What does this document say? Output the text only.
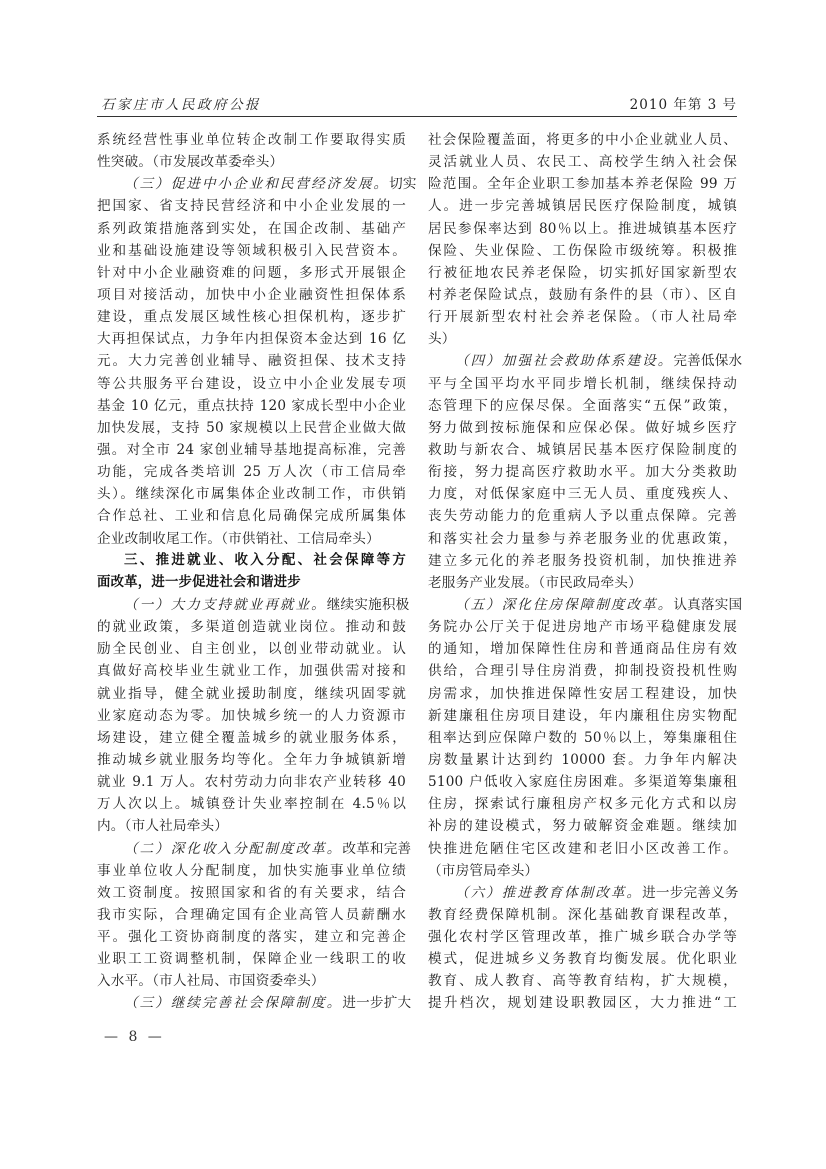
石家庄市人民政府公报	2010 年第 3 号
系统经营性事业单位转企改制工作要取得实质
性突破。（市发展改革委牵头）
（三）促进中小企业和民营经济发展。切实
把国家、省支持民营经济和中小企业发展的一
系列政策措施落到实处，在国企改制、基础产
业和基础设施建设等领域积极引入民营资本。
针对中小企业融资难的问题，多形式开展银企
项目对接活动，加快中小企业融资性担保体系
建设，重点发展区域性核心担保机构，逐步扩
大再担保试点，力争年内担保资本金达到 16 亿
元。大力完善创业辅导、融资担保、技术支持
等公共服务平台建设，设立中小企业发展专项
基金 10 亿元，重点扶持 120 家成长型中小企业
加快发展，支持 50 家规模以上民营企业做大做
强。对全市 24 家创业辅导基地提高标准，完善
功能，完成各类培训 25 万人次（市工信局牵
头）。继续深化市属集体企业改制工作，市供销
合作总社、工业和信息化局确保完成所属集体
企业改制收尾工作。（市供销社、工信局牵头）
三、推进就业、收入分配、社会保障等方
面改革，进一步促进社会和谐进步
（一）大力支持就业再就业。继续实施积极
的就业政策，多渠道创造就业岗位。推动和鼓
励全民创业、自主创业，以创业带动就业。认
真做好高校毕业生就业工作，加强供需对接和
就业指导，健全就业援助制度，继续巩固零就
业家庭动态为零。加快城乡统一的人力资源市
场建设，建立健全覆盖城乡的就业服务体系，
推动城乡就业服务均等化。全年力争城镇新增
就业 9.1 万人。农村劳动力向非农产业转移 40
万人次以上。城镇登计失业率控制在 4.5％以
内。（市人社局牵头）
（二）深化收入分配制度改革。改革和完善
事业单位收人分配制度，加快实施事业单位绩
效工资制度。按照国家和省的有关要求，结合
我市实际，合理确定国有企业高管人员薪酬水
平。强化工资协商制度的落实，建立和完善企
业职工工资调整机制，保障企业一线职工的收
入水平。（市人社局、市国资委牵头）
（三）继续完善社会保障制度。进一步扩大
社会保险覆盖面，将更多的中小企业就业人员、
灵活就业人员、农民工、高校学生纳入社会保
险范围。全年企业职工参加基本养老保险 99 万
人。进一步完善城镇居民医疗保险制度，城镇
居民参保率达到 80％以上。推进城镇基本医疗
保险、失业保险、工伤保险市级统筹。积极推
行被征地农民养老保险，切实抓好国家新型农
村养老保险试点，鼓励有条件的县（市）、区自
行开展新型农村社会养老保险。（市人社局牵
头）
（四）加强社会救助体系建设。完善低保水
平与全国平均水平同步增长机制，继续保持动
态管理下的应保尽保。全面落实“五保”政策，
努力做到按标施保和应保必保。做好城乡医疗
救助与新农合、城镇居民基本医疗保险制度的
衔接，努力提高医疗救助水平。加大分类救助
力度，对低保家庭中三无人员、重度残疾人、
丧失劳动能力的危重病人予以重点保障。完善
和落实社会力量参与养老服务业的优惠政策，
建立多元化的养老服务投资机制，加快推进养
老服务产业发展。（市民政局牵头）
（五）深化住房保障制度改革。认真落实国
务院办公厅关于促进房地产市场平稳健康发展
的通知，增加保障性住房和普通商品住房有效
供给，合理引导住房消费，抑制投资投机性购
房需求，加快推进保障性安居工程建设，加快
新建廉租住房项目建设，年内廉租住房实物配
租率达到应保障户数的 50％以上，筹集廉租住
房数量累计达到约 10000 套。力争年内解决
5100 户低收入家庭住房困难。多渠道筹集廉租
住房，探索试行廉租房产权多元化方式和以房
补房的建设模式，努力破解资金难题。继续加
快推进危陋住宅区改建和老旧小区改善工作。
（市房管局牵头）
（六）推进教育体制改革。进一步完善义务
教育经费保障机制。深化基础教育课程改革，
强化农村学区管理改革，推广城乡联合办学等
模式，促进城乡义务教育均衡发展。优化职业
教育、成人教育、高等教育结构，扩大规模，
提升档次，规划建设职教园区，大力推进“工
— 8 —
